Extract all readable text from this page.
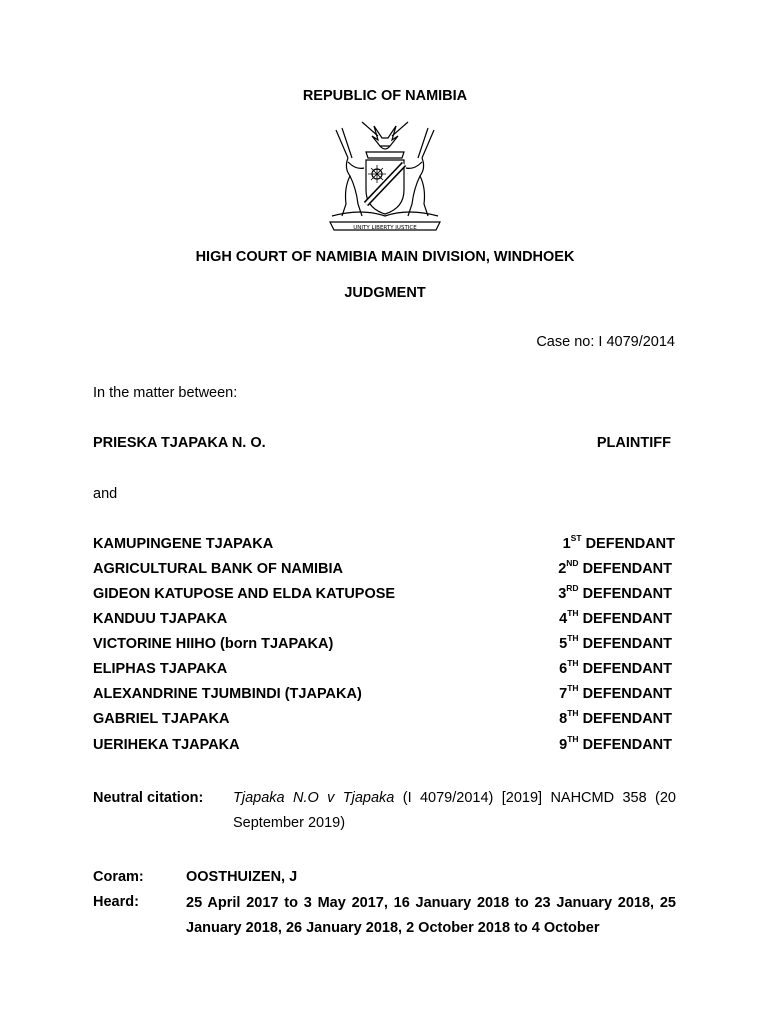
REPUBLIC OF NAMIBIA
UNITY LIBERTY JUSTICE
HIGH COURT OF NAMIBIA MAIN DIVISION, WINDHOEK
JUDGMENT
Case no: I 4079/2014
In the matter between:
PRIESKA TJAPAKA N. O.	PLAINTIFF
and
KAMUPINGENE TJAPAKA	1ST DEFENDANT
AGRICULTURAL BANK OF NAMIBIA	2ND DEFENDANT
GIDEON KATUPOSE AND ELDA KATUPOSE	3RD DEFENDANT
KANDUU TJAPAKA	4TH DEFENDANT
VICTORINE HIIHO (born TJAPAKA)	5TH DEFENDANT
ELIPHAS TJAPAKA	6TH DEFENDANT
ALEXANDRINE TJUMBINDI (TJAPAKA)	7TH DEFENDANT
GABRIEL TJAPAKA	8TH DEFENDANT
UERIHEKA TJAPAKA	9TH DEFENDANT
Neutral citation: Tjapaka N.O v Tjapaka (I 4079/2014) [2019] NAHCMD 358 (20 September 2019)
Coram:	OOSTHUIZEN, J
Heard:	25 April 2017 to 3 May 2017, 16 January 2018 to 23 January 2018, 25 January 2018, 26 January 2018, 2 October 2018 to 4 October
